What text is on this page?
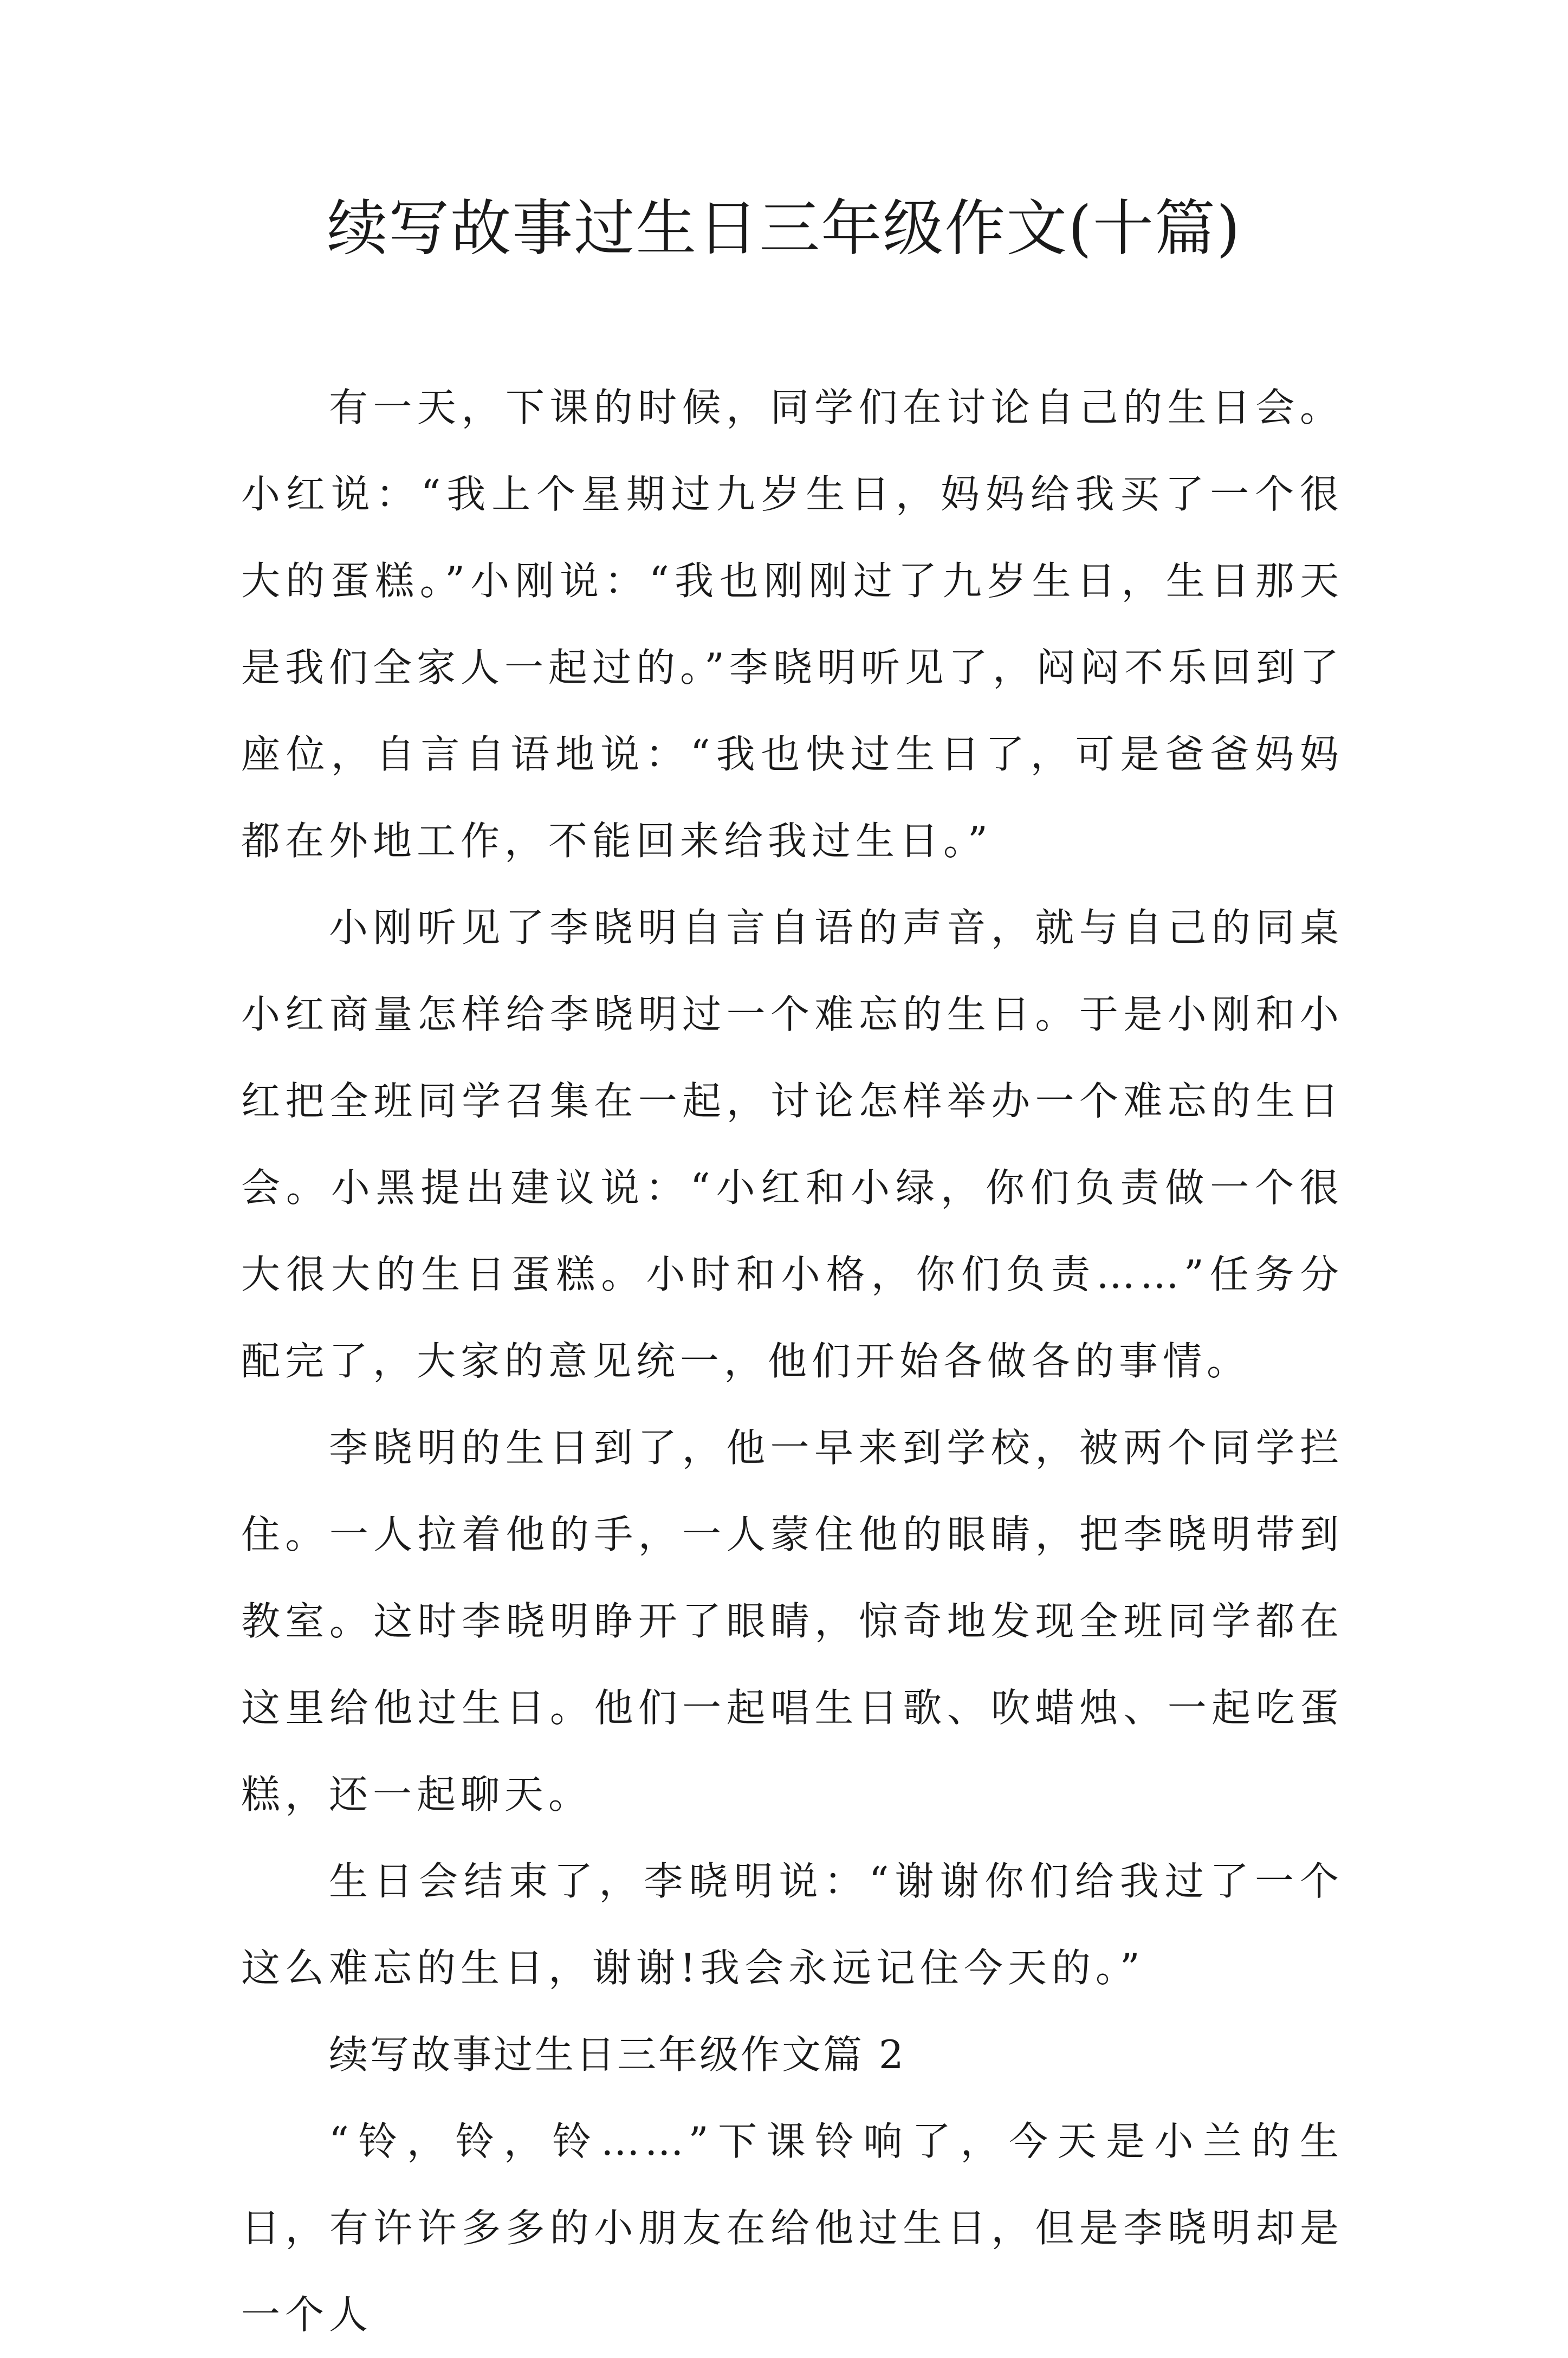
续写故事过生日三年级作文(十篇)

有一天，下课的时候，同学们在讨论自己的生日会。小红说：“我上个星期过九岁生日，妈妈给我买了一个很大的蛋糕。”小刚说：“我也刚刚过了九岁生日，生日那天是我们全家人一起过的。”李晓明听见了，闷闷不乐回到了座位，自言自语地说：“我也快过生日了，可是爸爸妈妈都在外地工作，不能回来给我过生日。”

小刚听见了李晓明自言自语的声音，就与自己的同桌小红商量怎样给李晓明过一个难忘的生日。于是小刚和小红把全班同学召集在一起，讨论怎样举办一个难忘的生日会。小黑提出建议说：“小红和小绿，你们负责做一个很大很大的生日蛋糕。小时和小格，你们负责……”任务分配完了，大家的意见统一，他们开始各做各的事情。

李晓明的生日到了，他一早来到学校，被两个同学拦住。一人拉着他的手，一人蒙住他的眼睛，把李晓明带到教室。这时李晓明睁开了眼睛，惊奇地发现全班同学都在这里给他过生日。他们一起唱生日歌、吹蜡烛、一起吃蛋糕，还一起聊天。

生日会结束了，李晓明说：“谢谢你们给我过了一个这么难忘的生日，谢谢!我会永远记住今天的。”

续写故事过生日三年级作文篇 2

“铃，铃，铃……”下课铃响了，今天是小兰的生日，有许许多多的小朋友在给他过生日，但是李晓明却是一个人
